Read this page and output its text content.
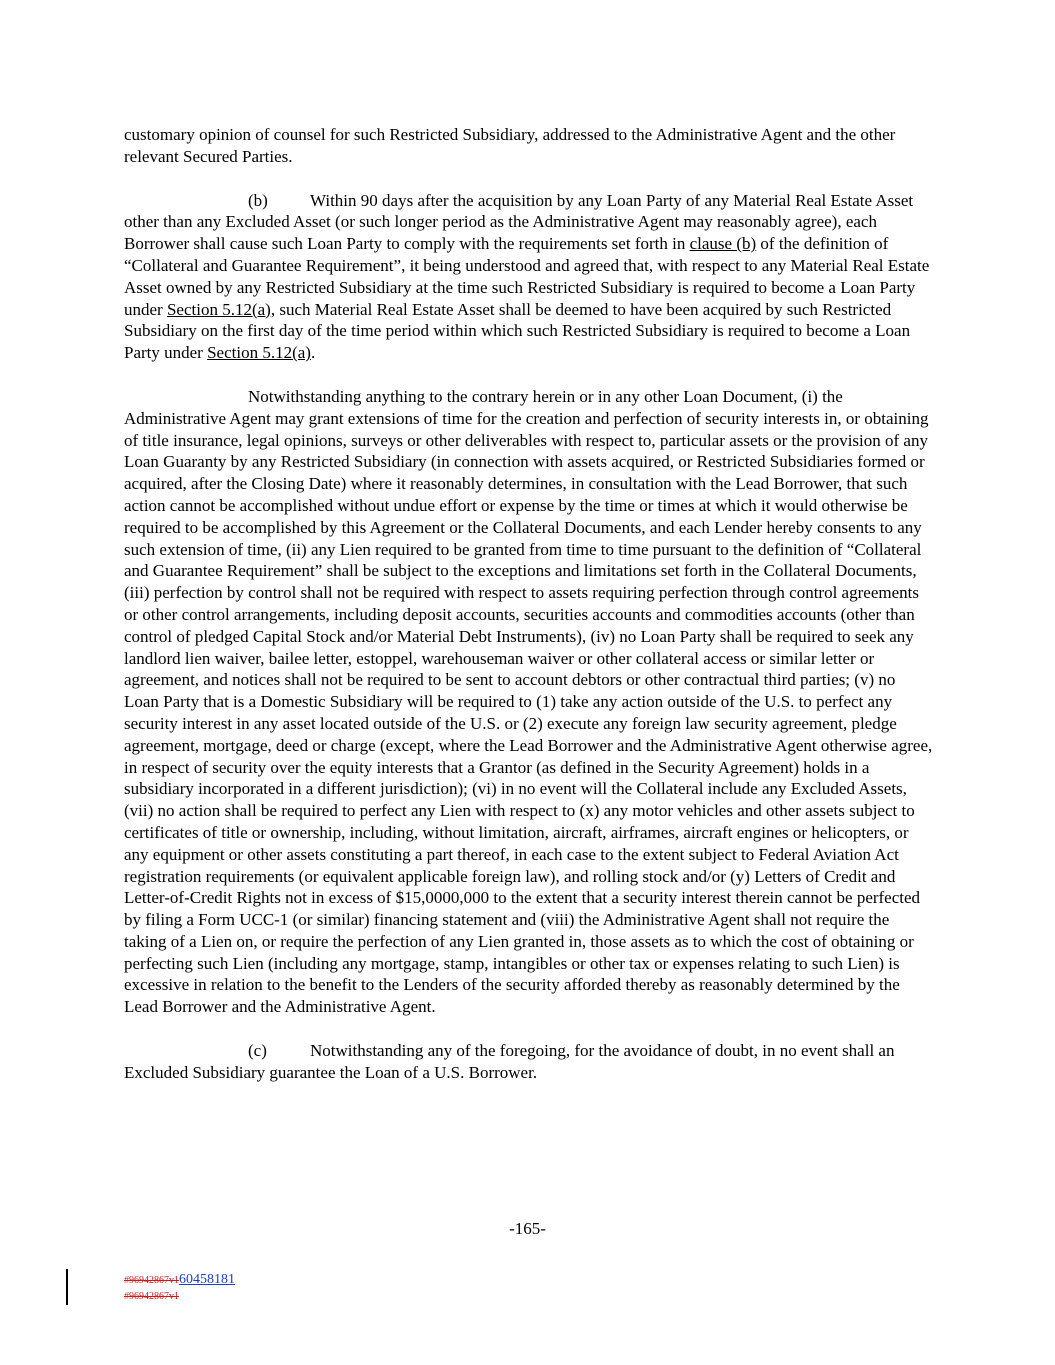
customary opinion of counsel for such Restricted Subsidiary, addressed to the Administrative Agent and the other relevant Secured Parties.

(b) Within 90 days after the acquisition by any Loan Party of any Material Real Estate Asset other than any Excluded Asset (or such longer period as the Administrative Agent may reasonably agree), each Borrower shall cause such Loan Party to comply with the requirements set forth in clause (b) of the definition of “Collateral and Guarantee Requirement”, it being understood and agreed that, with respect to any Material Real Estate Asset owned by any Restricted Subsidiary at the time such Restricted Subsidiary is required to become a Loan Party under Section 5.12(a), such Material Real Estate Asset shall be deemed to have been acquired by such Restricted Subsidiary on the first day of the time period within which such Restricted Subsidiary is required to become a Loan Party under Section 5.12(a).

Notwithstanding anything to the contrary herein or in any other Loan Document, (i) the Administrative Agent may grant extensions of time for the creation and perfection of security interests in, or obtaining of title insurance, legal opinions, surveys or other deliverables with respect to, particular assets or the provision of any Loan Guaranty by any Restricted Subsidiary (in connection with assets acquired, or Restricted Subsidiaries formed or acquired, after the Closing Date) where it reasonably determines, in consultation with the Lead Borrower, that such action cannot be accomplished without undue effort or expense by the time or times at which it would otherwise be required to be accomplished by this Agreement or the Collateral Documents, and each Lender hereby consents to any such extension of time, (ii) any Lien required to be granted from time to time pursuant to the definition of “Collateral and Guarantee Requirement” shall be subject to the exceptions and limitations set forth in the Collateral Documents, (iii) perfection by control shall not be required with respect to assets requiring perfection through control agreements or other control arrangements, including deposit accounts, securities accounts and commodities accounts (other than control of pledged Capital Stock and/or Material Debt Instruments), (iv) no Loan Party shall be required to seek any landlord lien waiver, bailee letter, estoppel, warehouseman waiver or other collateral access or similar letter or agreement, and notices shall not be required to be sent to account debtors or other contractual third parties; (v) no Loan Party that is a Domestic Subsidiary will be required to (1) take any action outside of the U.S. to perfect any security interest in any asset located outside of the U.S. or (2) execute any foreign law security agreement, pledge agreement, mortgage, deed or charge (except, where the Lead Borrower and the Administrative Agent otherwise agree, in respect of security over the equity interests that a Grantor (as defined in the Security Agreement) holds in a subsidiary incorporated in a different jurisdiction); (vi) in no event will the Collateral include any Excluded Assets, (vii) no action shall be required to perfect any Lien with respect to (x) any motor vehicles and other assets subject to certificates of title or ownership, including, without limitation, aircraft, airframes, aircraft engines or helicopters, or any equipment or other assets constituting a part thereof, in each case to the extent subject to Federal Aviation Act registration requirements (or equivalent applicable foreign law), and rolling stock and/or (y) Letters of Credit and Letter-of-Credit Rights not in excess of $15,0000,000 to the extent that a security interest therein cannot be perfected by filing a Form UCC-1 (or similar) financing statement and (viii) the Administrative Agent shall not require the taking of a Lien on, or require the perfection of any Lien granted in, those assets as to which the cost of obtaining or perfecting such Lien (including any mortgage, stamp, intangibles or other tax or expenses relating to such Lien) is excessive in relation to the benefit to the Lenders of the security afforded thereby as reasonably determined by the Lead Borrower and the Administrative Agent.

(c)	Notwithstanding any of the foregoing, for the avoidance of doubt, in no event shall an Excluded Subsidiary guarantee the Loan of a U.S. Borrower.

-165-
#96942867v160458181
#96942867v1
